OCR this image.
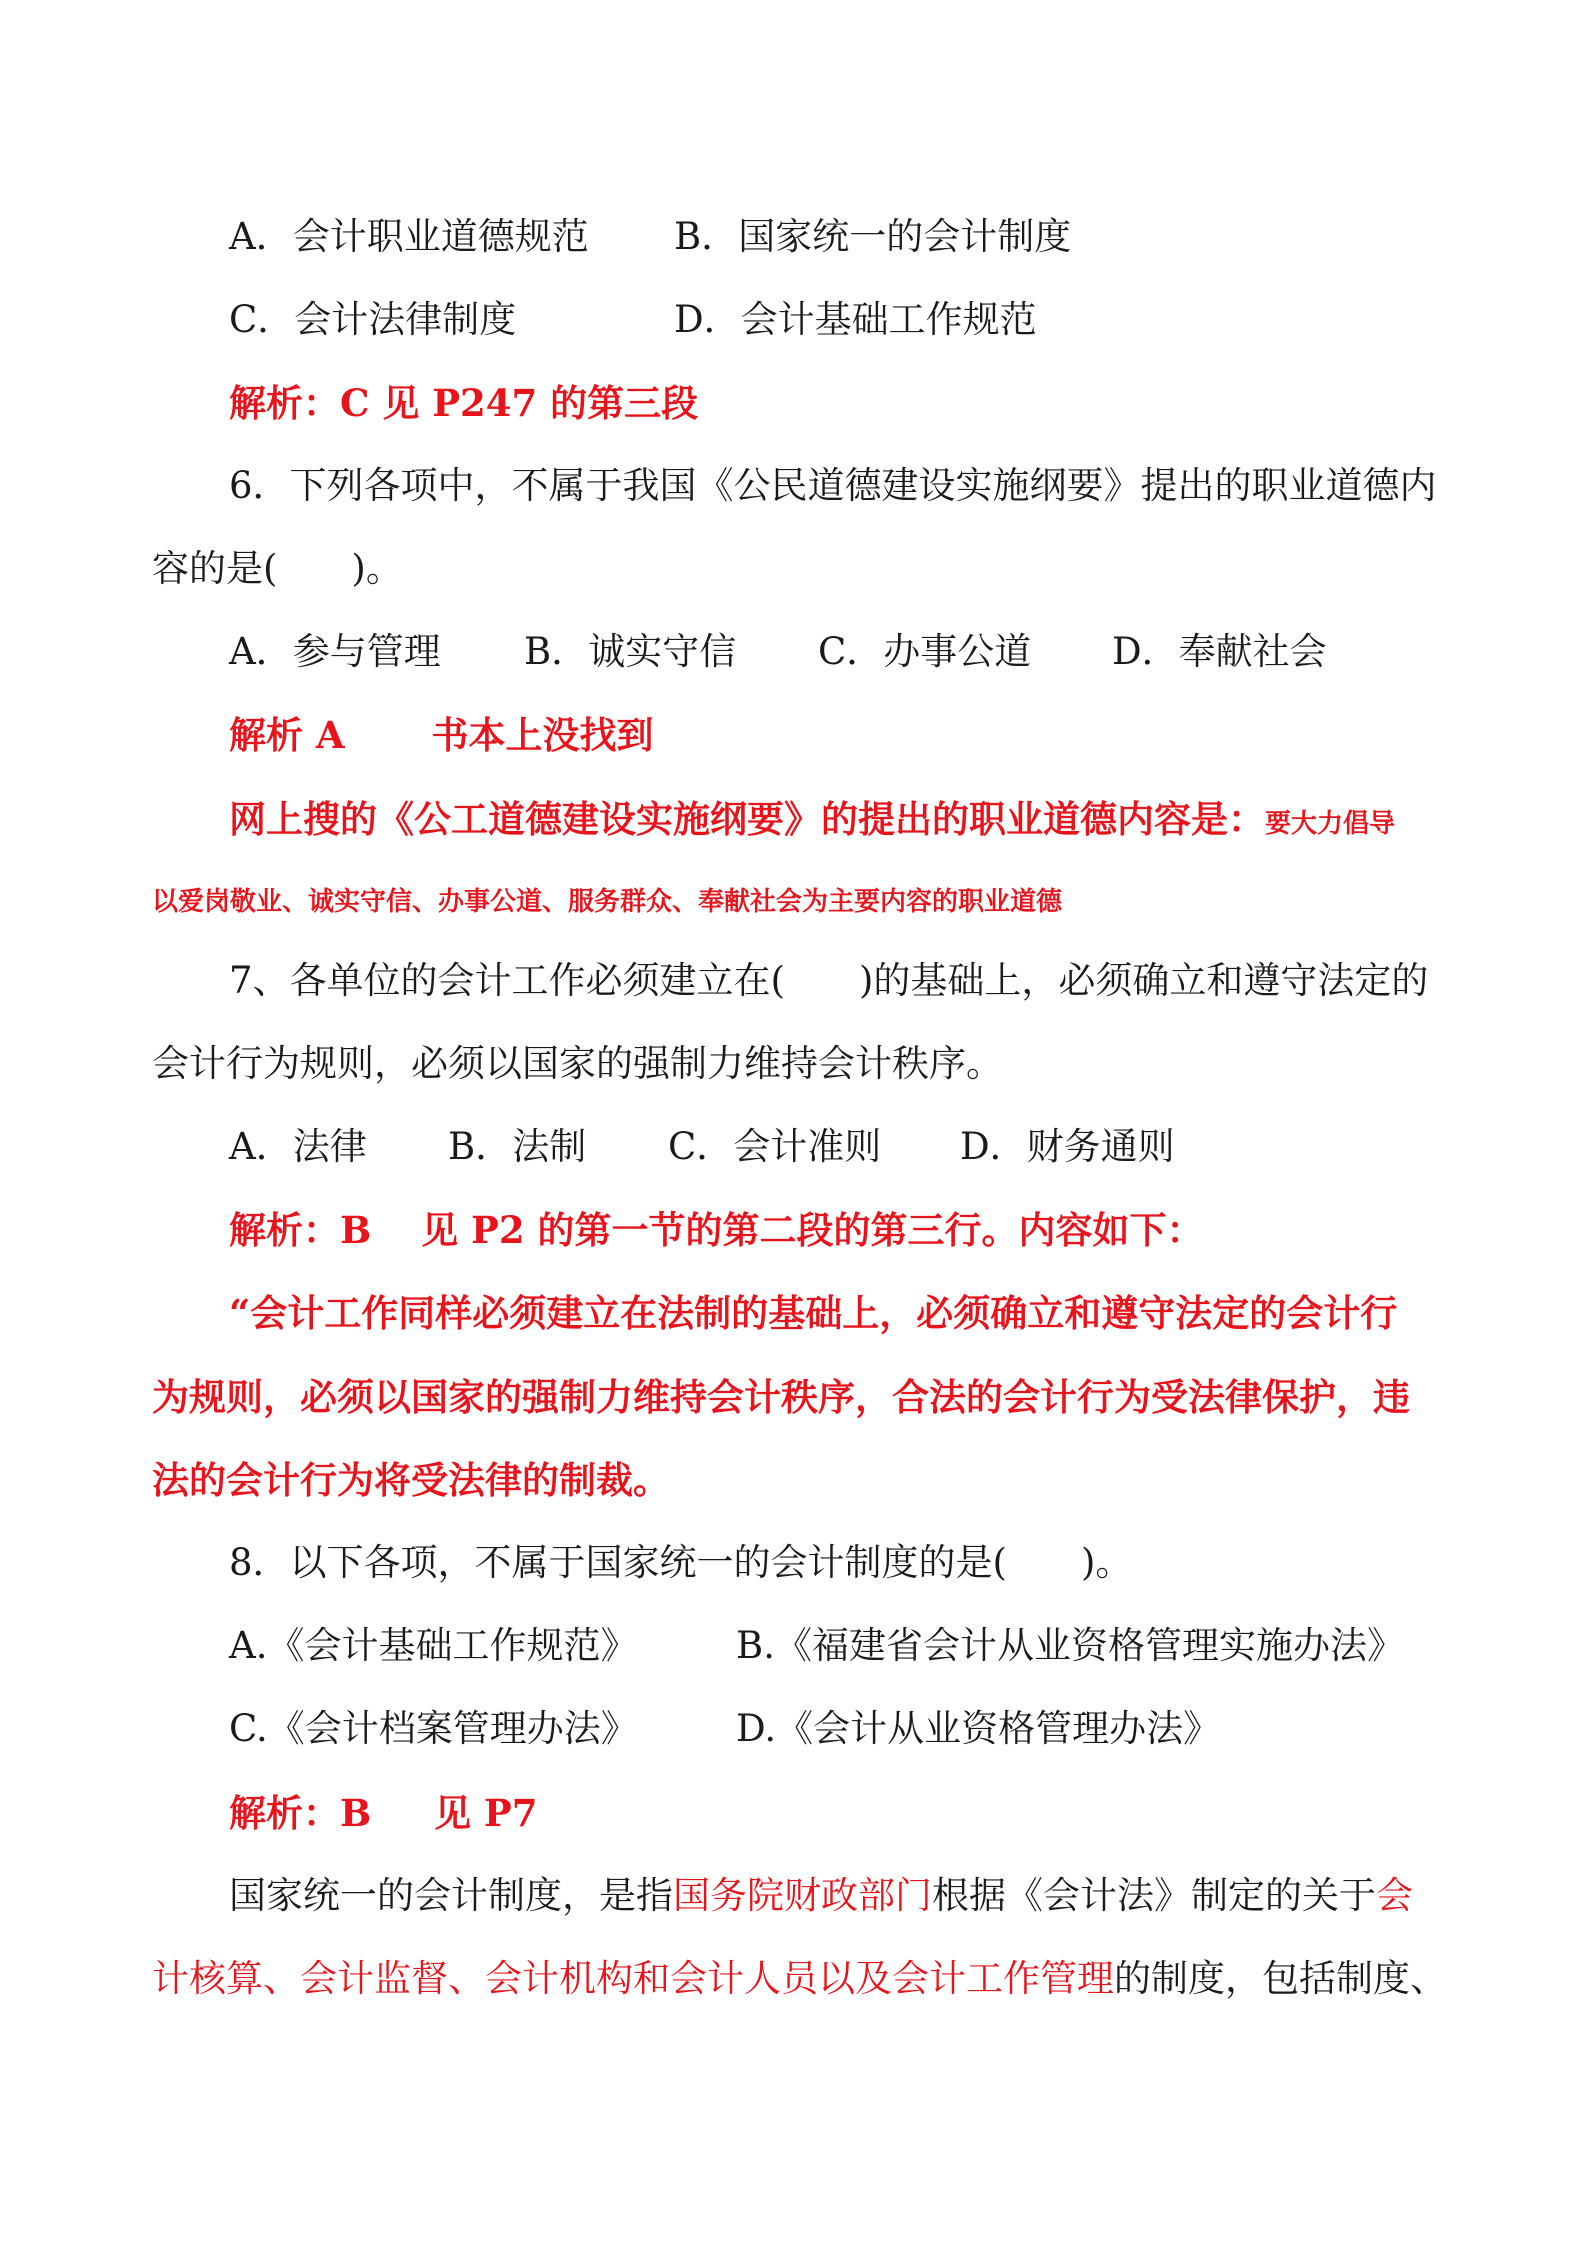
A．会计职业道德规范 B．国家统一的会计制度
C．会计法律制度	D．会计基础工作规范
解析：C 见 P247 的第三段
6．下列各项中，不属于我国《公民道德建设实施纲要》提出的职业道德内
容的是(　　)。
A．参与管理 B．诚实守信 C．办事公道 D．奉献社会
解析 A 　　书本上没找到
网上搜的《公工道德建设实施纲要》的提出的职业道德内容是：要大力倡导
以爱岗敬业、诚实守信、办事公道、服务群众、奉献社会为主要内容的职业道德
7、各单位的会计工作必须建立在(　　)的基础上，必须确立和遵守法定的
会计行为规则，必须以国家的强制力维持会计秩序。
A．法律 B．法制 C．会计准则 D．财务通则
解析：B 　见 P2 的第一节的第二段的第三行。内容如下：
“会计工作同样必须建立在法制的基础上，必须确立和遵守法定的会计行
为规则，必须以国家的强制力维持会计秩序，合法的会计行为受法律保护，违
法的会计行为将受法律的制裁。
8．以下各项，不属于国家统一的会计制度的是(　　)。
A.《会计基础工作规范》	B.《福建省会计从业资格管理实施办法》
C.《会计档案管理办法》	D.《会计从业资格管理办法》
解析：B 　 见 P7
国家统一的会计制度，是指国务院财政部门根据《会计法》制定的关于会
计核算、会计监督、会计机构和会计人员以及会计工作管理的制度，包括制度、
